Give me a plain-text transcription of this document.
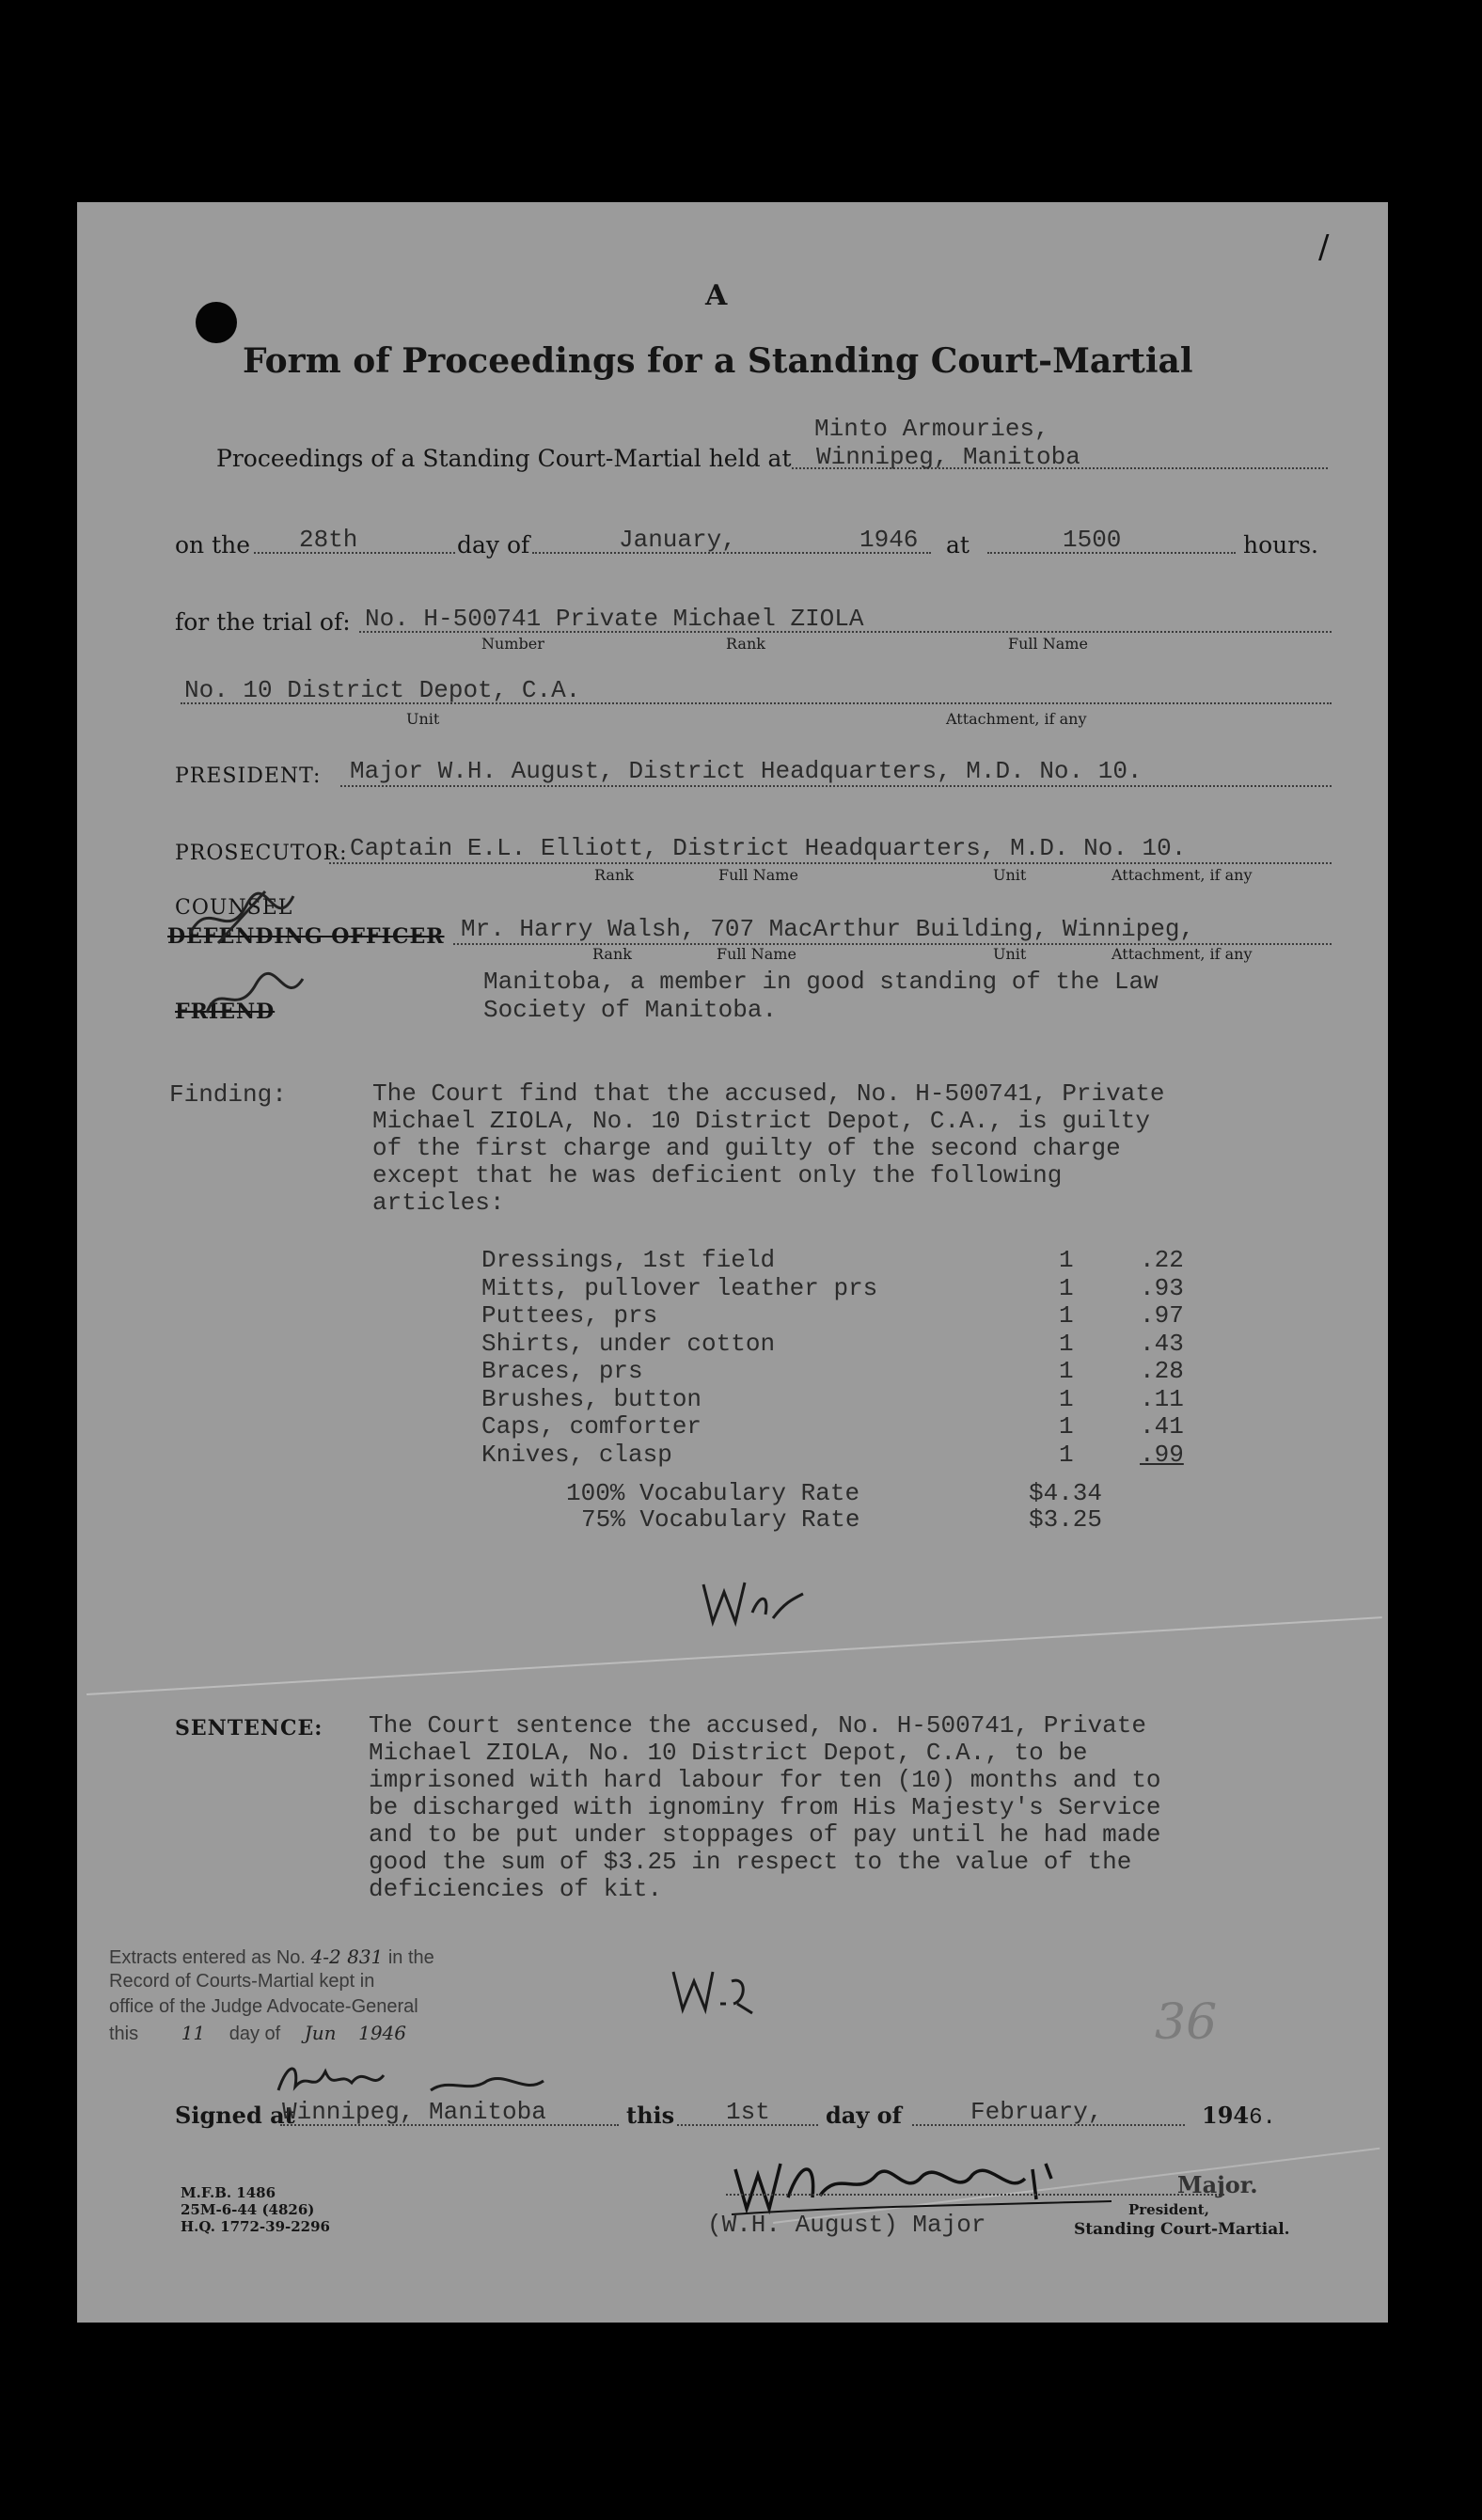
/
A
Form of Proceedings for a Standing Court-Martial
Minto Armouries,
Proceedings of a Standing Court-Martial held at Winnipeg, Manitoba
on the 28th	day of	January,	1946 at	1500	hours.
for the trial of: No. H-500741 Private Michael ZIOLA
Number	Rank	Full Name
No. 10 District Depot, C.A.
Unit	Attachment, if any
PRESIDENT: Major W.H. August, District Headquarters, M.D. No. 10.
PROSECUTOR: Captain E.L. Elliott, District Headquarters, M.D. No. 10.
Rank	Full Name	Unit	Attachment, if any
COUNSEL
DEFENDING OFFICER Mr. Harry Walsh, 707 MacArthur Building, Winnipeg,
Rank	Full Name	Unit	Attachment, if any
Manitoba, a member in good standing of the Law
Society of Manitoba.
FRIEND
Finding:	The Court find that the accused, No. H-500741, Private
Michael ZIOLA, No. 10 District Depot, C.A., is guilty
of the first charge and guilty of the second charge
except that he was deficient only the following
articles:
Dressings, 1st field	1	.22
Mitts, pullover leather prs	1	.93
Puttees, prs	1	.97
Shirts, under cotton	1	.43
Braces, prs	1	.28
Brushes, button	1	.11
Caps, comforter	1	.41
Knives, clasp	1	.99
100% Vocabulary Rate	$4.34
75% Vocabulary Rate	$3.25
SENTENCE: The Court sentence the accused, No. H-500741, Private
Michael ZIOLA, No. 10 District Depot, C.A., to be
imprisoned with hard labour for ten (10) months and to
be discharged with ignominy from His Majesty's Service
and to be put under stoppages of pay until he had made
good the sum of $3.25 in respect to the value of the
deficiencies of kit.
Extracts entered as No. 4-2 831 in the
Record of Courts-Martial kept in
office of the Judge Advocate-General
this 11 day of Jun 1946	36
Signed at
Winnipeg, Manitoba	this 1st day of	February,	1946.
Major.
(W.H. August) Major
President,
Standing Court-Martial.
M.F.B. 1486
25M-6-44 (4826)
H.Q. 1772-39-2296
